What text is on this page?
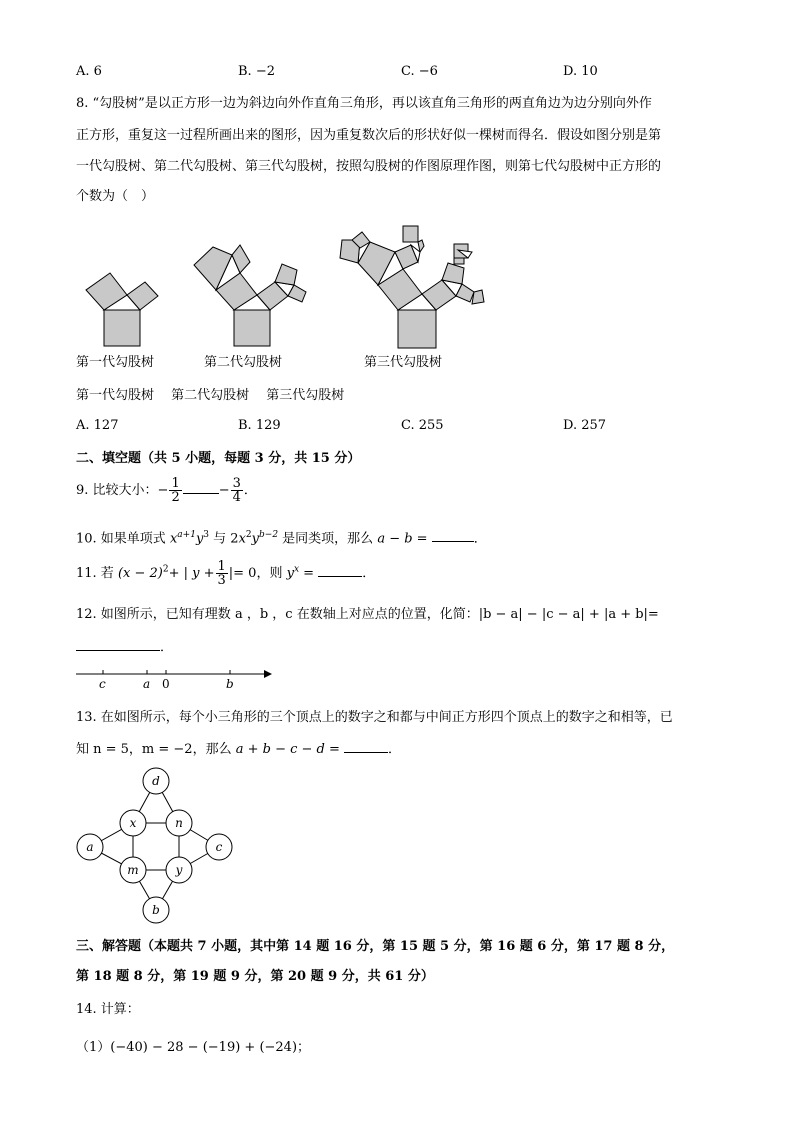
A. 6	B. −2	C. −6	D. 10
8. “勾股树”是以正方形一边为斜边向外作直角三角形，再以该直角三角形的两直角边为边分别向外作
正方形，重复这一过程所画出来的图形，因为重复数次后的形状好似一棵树而得名．假设如图分别是第
一代勾股树、第二代勾股树、第三代勾股树，按照勾股树的作图原理作图，则第七代勾股树中正方形的
个数为（　）
第一代勾股树	第二代勾股树	第三代勾股树
第一代勾股树　 第二代勾股树　 第三代勾股树
A. 127	B. 129	C. 255	D. 257
二、填空题（共 5 小题，每题 3 分，共 15 分）
9. 比较大小：− $\frac{1}{2}$	− $\frac{3}{4}$ ．
10. 如果单项式 $x^{a+1}y^3$ 与 $2x^2y^{b-2}$ 是同类项，那么 a − b =	．
11. 若 $(x - 2)^2+$ | $y + \frac{1}{3}$ |= 0，则 $y^x$ =	．
12. 如图所示，已知有理数 a ，b ，c 在数轴上对应点的位置，化简：|b − a| − |c − a| + |a + b|=
．
c	a 0	b
13. 在如图所示，每个小三角形的三个顶点上的数字之和都与中间正方形四个顶点上的数字之和相等，已
知 n = 5，m = −2，那么 a + b − c − d =	．
d
x	n
a	c
m	y
b
三、解答题（本题共 7 小题，其中第 14 题 16 分，第 15 题 5 分，第 16 题 6 分，第 17 题 8 分，
第 18 题 8 分，第 19 题 9 分，第 20 题 9 分，共 61 分）
14. 计算：
（1）(−40) − 28 − (−19) + (−24)；
